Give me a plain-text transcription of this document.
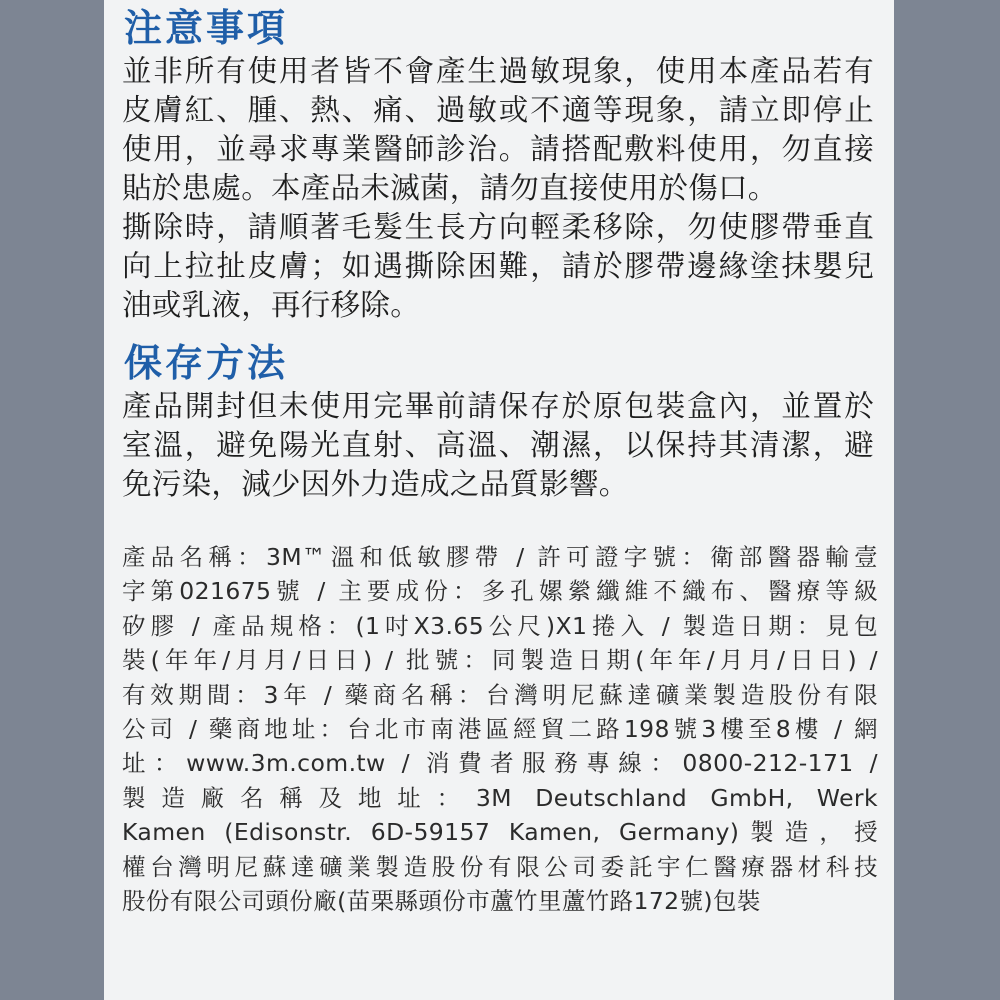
注意事項
並非所有使用者皆不會產生過敏現象，使用本產品若有
皮膚紅、腫、熱、痛、過敏或不適等現象，請立即停止
使用，並尋求專業醫師診治。請搭配敷料使用，勿直接
貼於患處。本產品未滅菌，請勿直接使用於傷口。
撕除時，請順著毛髮生長方向輕柔移除，勿使膠帶垂直
向上拉扯皮膚；如遇撕除困難，請於膠帶邊緣塗抹嬰兒
油或乳液，再行移除。
保存方法
產品開封但未使用完畢前請保存於原包裝盒內，並置於
室溫，避免陽光直射、高溫、潮濕，以保持其清潔，避
免污染，減少因外力造成之品質影響。
產品名稱：3M™溫和低敏膠帶 / 許可證字號：衛部醫器輸壹
字第021675號 / 主要成份：多孔嫘縈纖維不織布、醫療等級
矽膠 / 產品規格：(1吋X3.65公尺)X1捲入 / 製造日期：見包
裝(年年/月月/日日) / 批號：同製造日期(年年/月月/日日) /
有效期間：3年 / 藥商名稱：台灣明尼蘇達礦業製造股份有限
公司 / 藥商地址：台北市南港區經貿二路198號3樓至8樓 / 網
址：www.3m.com.tw / 消費者服務專線：0800-212-171 /
製造廠名稱及地址：3M Deutschland GmbH, Werk
Kamen (Edisonstr. 6D-59157 Kamen, Germany)製造，授
權台灣明尼蘇達礦業製造股份有限公司委託宇仁醫療器材科技
股份有限公司頭份廠(苗栗縣頭份市蘆竹里蘆竹路172號)包裝
